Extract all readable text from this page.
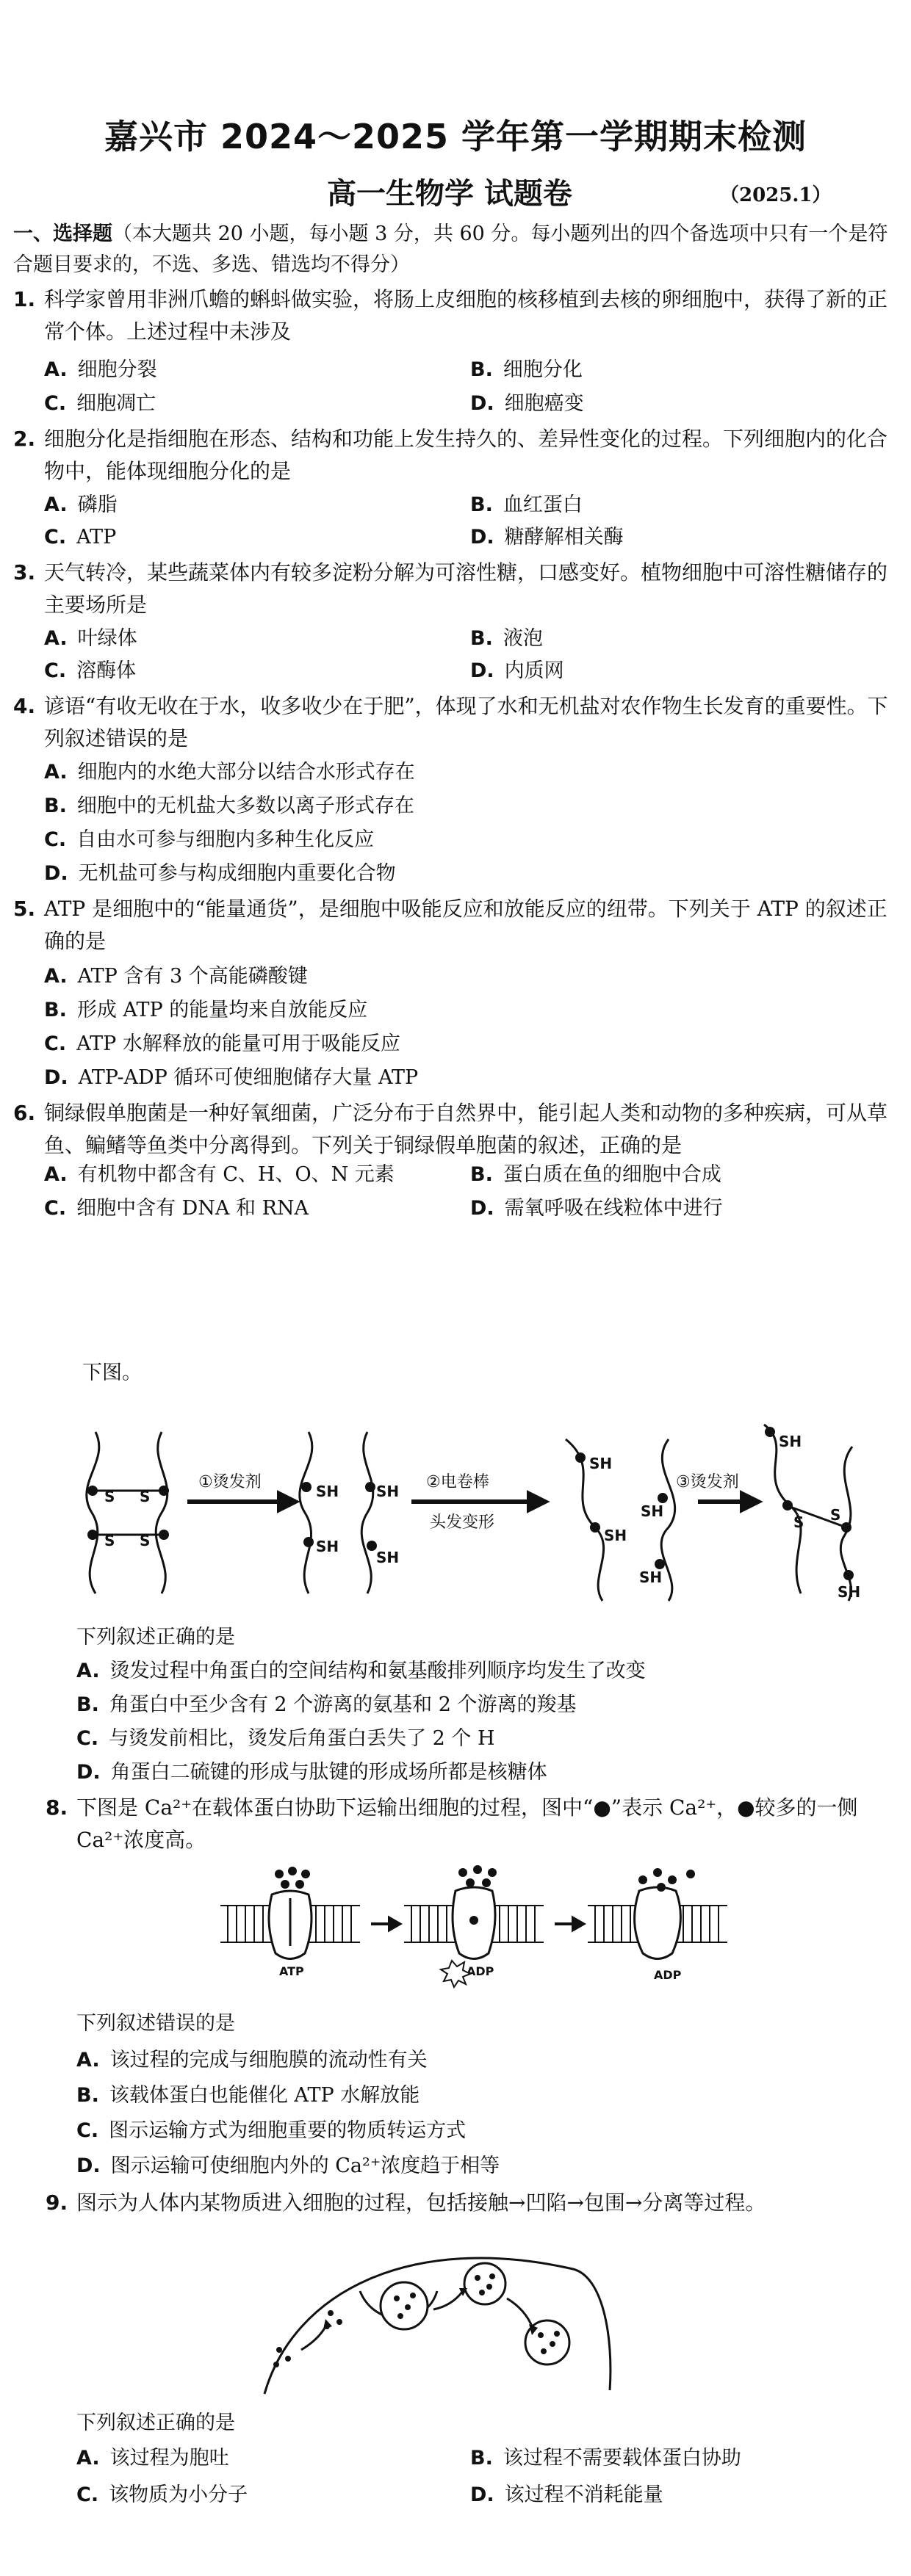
嘉兴市 2024～2025 学年第一学期期末检测
高一生物学 试题卷	（2025.1）
一、选择题（本大题共 20 小题，每小题 3 分，共 60 分。每小题列出的四个备选项中只有一个是符合题目要求的，不选、多选、错选均不得分）
1. 科学家曾用非洲爪蟾的蝌蚪做实验，将肠上皮细胞的核移植到去核的卵细胞中，获得了新的正常个体。上述过程中未涉及
A. 细胞分裂	B. 细胞分化
C. 细胞凋亡	D. 细胞癌变
2. 细胞分化是指细胞在形态、结构和功能上发生持久的、差异性变化的过程。下列细胞内的化合物中，能体现细胞分化的是
A. 磷脂	B. 血红蛋白
C. ATP	D. 糖酵解相关酶
3. 天气转冷，某些蔬菜体内有较多淀粉分解为可溶性糖，口感变好。植物细胞中可溶性糖储存的主要场所是
A. 叶绿体	B. 液泡
C. 溶酶体	D. 内质网
4. 谚语“有收无收在于水，收多收少在于肥”，体现了水和无机盐对农作物生长发育的重要性。下列叙述错误的是
A. 细胞内的水绝大部分以结合水形式存在
B. 细胞中的无机盐大多数以离子形式存在
C. 自由水可参与细胞内多种生化反应
D. 无机盐可参与构成细胞内重要化合物
5. ATP 是细胞中的“能量通货”，是细胞中吸能反应和放能反应的纽带。下列关于 ATP 的叙述正确的是
A. ATP 含有 3 个高能磷酸键
B. 形成 ATP 的能量均来自放能反应
C. ATP 水解释放的能量可用于吸能反应
D. ATP-ADP 循环可使细胞储存大量 ATP
6. 铜绿假单胞菌是一种好氧细菌，广泛分布于自然界中，能引起人类和动物的多种疾病，可从草鱼、鳊鳍等鱼类中分离得到。下列关于铜绿假单胞菌的叙述，正确的是
A. 有机物中都含有 C、H、O、N 元素	B. 蛋白质在鱼的细胞中合成
C. 细胞中含有 DNA 和 RNA	D. 需氧呼吸在线粒体中进行
下图。
S S
S S
SH	SH
SH
SH
SH
SH
SH
SH
SH
S S
SH
①烫发剂	②电卷棒
头发变形
③烫发剂
下列叙述正确的是
A. 烫发过程中角蛋白的空间结构和氨基酸排列顺序均发生了改变
B. 角蛋白中至少含有 2 个游离的氨基和 2 个游离的羧基
C. 与烫发前相比，烫发后角蛋白丢失了 2 个 H
D. 角蛋白二硫键的形成与肽键的形成场所都是核糖体
8. 下图是 Ca²⁺在载体蛋白协助下运输出细胞的过程，图中“●”表示 Ca²⁺，●较多的一侧
Ca²⁺浓度高。
ATP	ADP	ADP
下列叙述错误的是
A. 该过程的完成与细胞膜的流动性有关
B. 该载体蛋白也能催化 ATP 水解放能
C. 图示运输方式为细胞重要的物质转运方式
D. 图示运输可使细胞内外的 Ca²⁺浓度趋于相等
9. 图示为人体内某物质进入细胞的过程，包括接触→凹陷→包围→分离等过程。
下列叙述正确的是
A. 该过程为胞吐	B. 该过程不需要载体蛋白协助
C. 该物质为小分子	D. 该过程不消耗能量
